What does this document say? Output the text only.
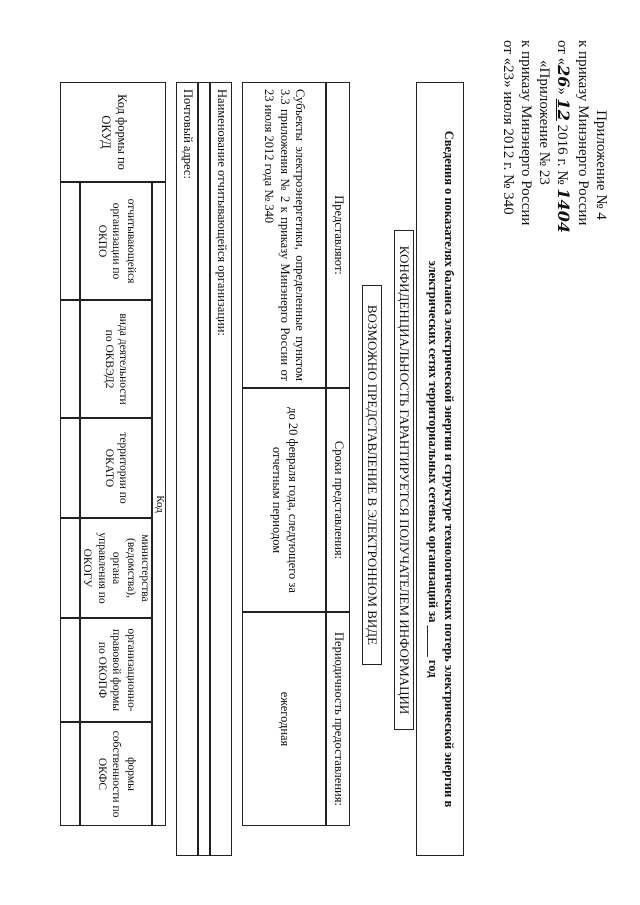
Приложение № 4
к приказу Минэнерго России
от «26» 12 2016 г. № 1404
«Приложение № 23
к приказу Минэнерго России
от «23» июля 2012 г. № 340
Сведения о показателях баланса электрической энергии и структуре технологических потерь электрической энергии в
электрических сетях территориальных сетевых организаций за _____ год
КОНФИДЕНЦИАЛЬНОСТЬ ГАРАНТИРУЕТСЯ ПОЛУЧАТЕЛЕМ ИНФОРМАЦИИ
ВОЗМОЖНО ПРЕДСТАВЛЕНИЕ В ЭЛЕКТРОННОМ ВИДЕ
Представляют:
Сроки представления:
Периодичность предоставления:
Субъекты электроэнергетики, определенные пунктом 3.3 приложения № 2 к приказу Минэнерго России от 23 июля 2012 года № 340
до 20 февраля года, следующего за отчетным периодом
ежегодная
Наименование отчитывающейся организации:
Почтовый адрес:
Код формы по ОКУД
Код
отчитывающейся организации по ОКПО
вида деятельности по ОКВЭД2
территории по ОКАТО
министерства (ведомства), органа управления по ОКОГУ
организационно-правовой формы по ОКОПФ
формы собственности по ОКФС
